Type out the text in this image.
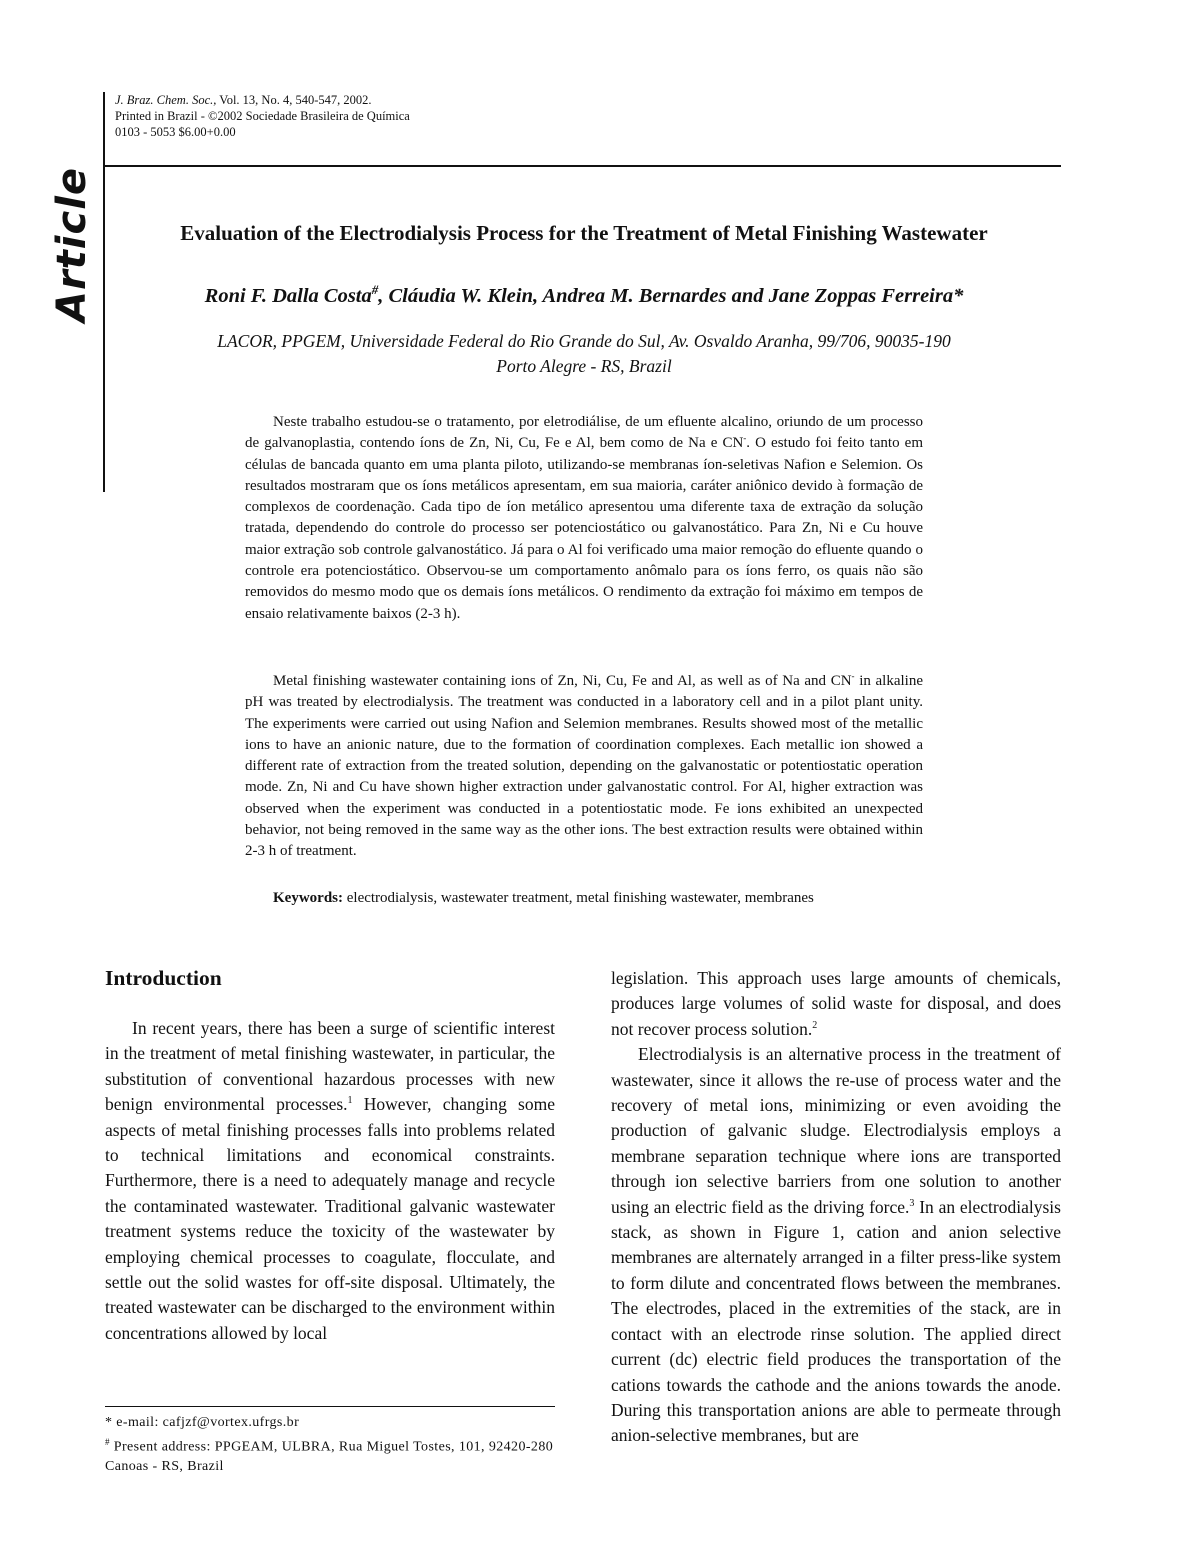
J. Braz. Chem. Soc., Vol. 13, No. 4, 540-547, 2002.
Printed in Brazil - ©2002 Sociedade Brasileira de Química
0103 - 5053 $6.00+0.00
Article	Evaluation of the Electrodialysis Process for the Treatment of Metal Finishing Wastewater
Roni F. Dalla Costa#, Cláudia W. Klein, Andrea M. Bernardes and Jane Zoppas Ferreira*
LACOR, PPGEM, Universidade Federal do Rio Grande do Sul, Av. Osvaldo Aranha, 99/706, 90035-190
Porto Alegre - RS, Brazil

Neste trabalho estudou-se o tratamento, por eletrodiálise, de um efluente alcalino, oriundo de um processo de galvanoplastia, contendo íons de Zn, Ni, Cu, Fe e Al, bem como de Na e CN-. O estudo foi feito tanto em células de bancada quanto em uma planta piloto, utilizando-se membranas íon-seletivas Nafion e Selemion. Os resultados mostraram que os íons metálicos apresentam, em sua maioria, caráter aniônico devido à formação de complexos de coordenação. Cada tipo de íon metálico apresentou uma diferente taxa de extração da solução tratada, dependendo do controle do processo ser potenciostático ou galvanostático. Para Zn, Ni e Cu houve maior extração sob controle galvanostático. Já para o Al foi verificado uma maior remoção do efluente quando o controle era potenciostático. Observou-se um comportamento anômalo para os íons ferro, os quais não são removidos do mesmo modo que os demais íons metálicos. O rendimento da extração foi máximo em tempos de ensaio relativamente baixos (2-3 h).

Metal finishing wastewater containing ions of Zn, Ni, Cu, Fe and Al, as well as of Na and CN- in alkaline pH was treated by electrodialysis. The treatment was conducted in a laboratory cell and in a pilot plant unity. The experiments were carried out using Nafion and Selemion membranes. Results showed most of the metallic ions to have an anionic nature, due to the formation of coordination complexes. Each metallic ion showed a different rate of extraction from the treated solution, depending on the galvanostatic or potentiostatic operation mode. Zn, Ni and Cu have shown higher extraction under galvanostatic control. For Al, higher extraction was observed when the experiment was conducted in a potentiostatic mode. Fe ions exhibited an unexpected behavior, not being removed in the same way as the other ions. The best extraction results were obtained within 2-3 h of treatment.

Keywords: electrodialysis, wastewater treatment, metal finishing wastewater, membranes
Introduction

In recent years, there has been a surge of scientific interest in the treatment of metal finishing wastewater, in particular, the substitution of conventional hazardous processes with new benign environmental processes.$^1$ However, changing some aspects of metal finishing processes falls into problems related to technical limitations and economical constraints. Furthermore, there is a need to adequately manage and recycle the contaminated wastewater. Traditional galvanic wastewater treatment systems reduce the toxicity of the wastewater by employing chemical processes to coagulate, flocculate, and settle out the solid wastes for off-site disposal. Ultimately, the treated wastewater can be discharged to the environment within concentrations allowed by local

legislation. This approach uses large amounts of chemicals, produces large volumes of solid waste for disposal, and does not recover process solution.$^2$

Electrodialysis is an alternative process in the treatment of wastewater, since it allows the re-use of process water and the recovery of metal ions, minimizing or even avoiding the production of galvanic sludge. Electrodialysis employs a membrane separation technique where ions are transported through ion selective barriers from one solution to another using an electric field as the driving force.$^3$ In an electrodialysis stack, as shown in Figure 1, cation and anion selective membranes are alternately arranged in a filter press-like system to form dilute and concentrated flows between the membranes. The electrodes, placed in the extremities of the stack, are in contact with an electrode rinse solution. The applied direct current (dc) electric field produces the transportation of the cations towards the cathode and the anions towards the anode. During this transportation anions are able to permeate through anion-selective membranes, but are

* e-mail: cafjzf@vortex.ufrgs.br

# Present address: PPGEAM, ULBRA, Rua Miguel Tostes, 101, 92420-280 Canoas - RS, Brazil
